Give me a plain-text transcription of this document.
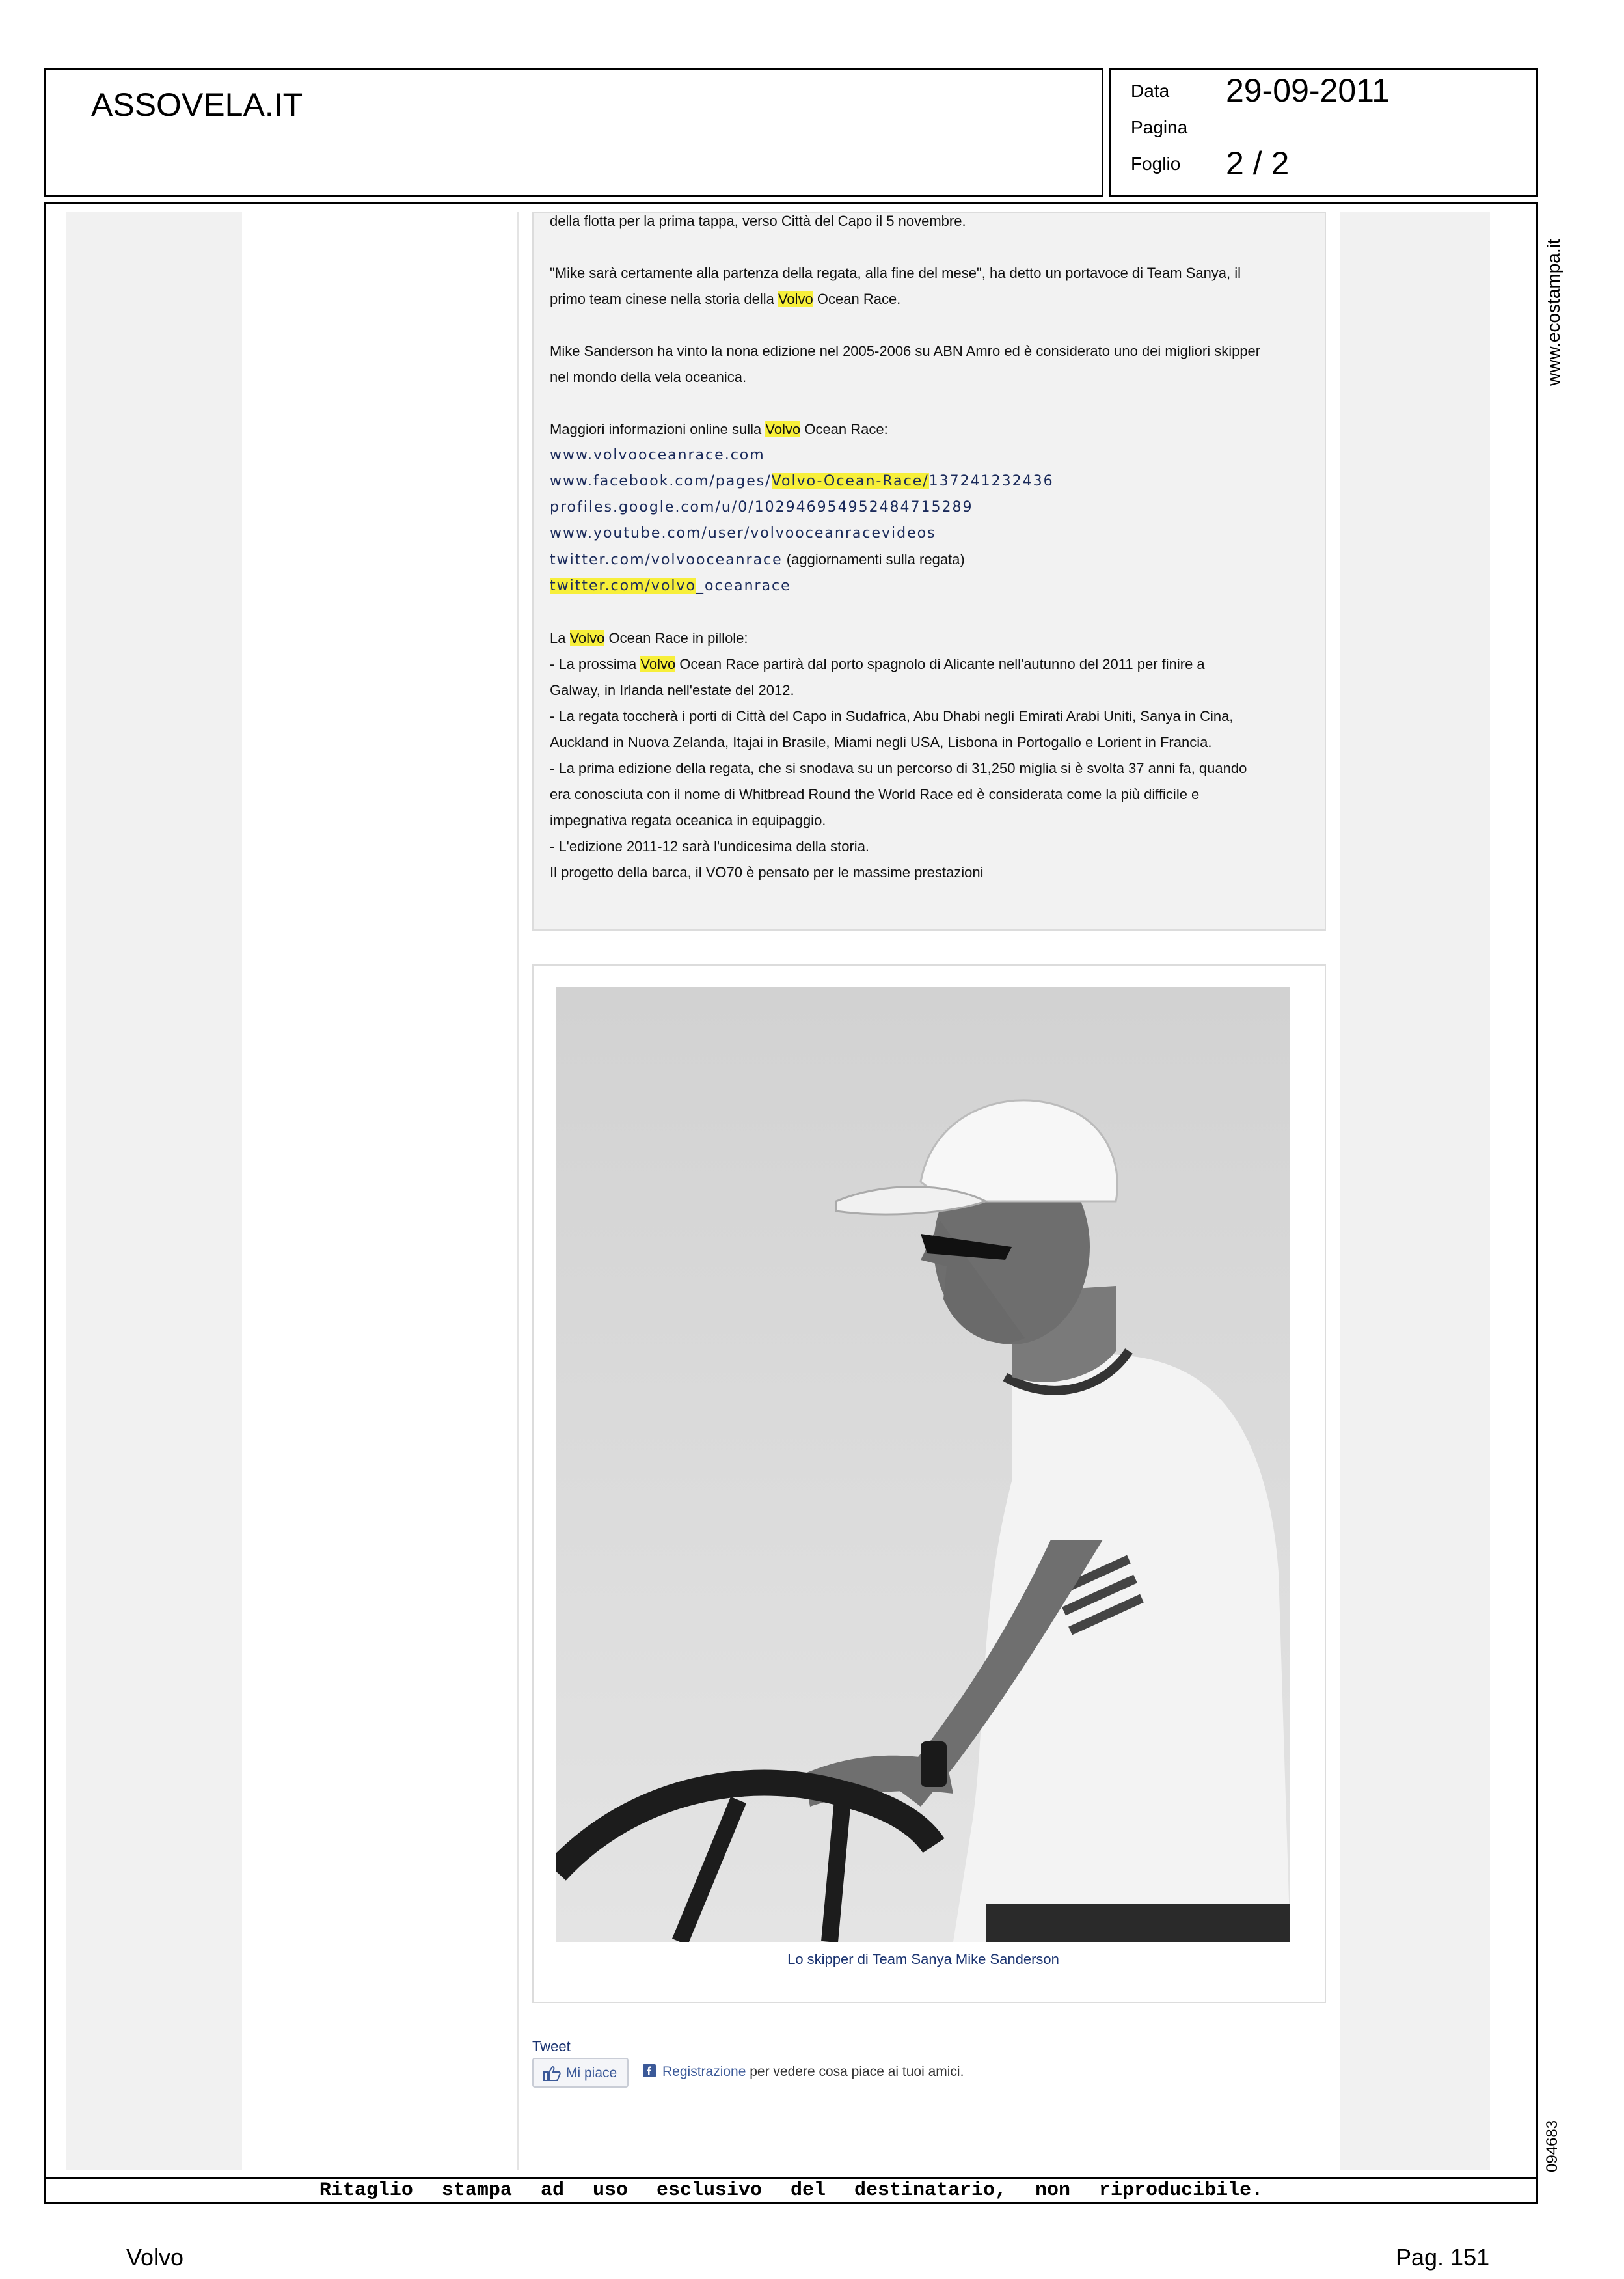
ASSOVELA.IT	Data 29-09-2011
Pagina
Foglio 2 / 2
www.ecostampa.it
094683
della flotta per la prima tappa, verso Città del Capo il 5 novembre.
"Mike sarà certamente alla partenza della regata, alla fine del mese", ha detto un portavoce di Team Sanya, il
primo team cinese nella storia della Volvo Ocean Race.
Mike Sanderson ha vinto la nona edizione nel 2005-2006 su ABN Amro ed è considerato uno dei migliori skipper
nel mondo della vela oceanica.
Maggiori informazioni online sulla Volvo Ocean Race:
www.volvooceanrace.com
www.facebook.com/pages/Volvo-Ocean-Race/137241232436
profiles.google.com/u/0/102946954952484715289
www.youtube.com/user/volvooceanracevideos
twitter.com/volvooceanrace (aggiornamenti sulla regata)
twitter.com/volvo_oceanrace
La Volvo Ocean Race in pillole:
- La prossima Volvo Ocean Race partirà dal porto spagnolo di Alicante nell'autunno del 2011 per finire a
Galway, in Irlanda nell'estate del 2012.
- La regata toccherà i porti di Città del Capo in Sudafrica, Abu Dhabi negli Emirati Arabi Uniti, Sanya in Cina,
Auckland in Nuova Zelanda, Itajai in Brasile, Miami negli USA, Lisbona in Portogallo e Lorient in Francia.
- La prima edizione della regata, che si snodava su un percorso di 31,250 miglia si è svolta 37 anni fa, quando
era conosciuta con il nome di Whitbread Round the World Race ed è considerata come la più difficile e
impegnativa regata oceanica in equipaggio.
- L'edizione 2011-12 sarà l'undicesima della storia.
Il progetto della barca, il VO70 è pensato per le massime prestazioni
Lo skipper di Team Sanya Mike Sanderson
Tweet
Mi piace	Registrazione per vedere cosa piace ai tuoi amici.
Ritaglio stampa ad uso esclusivo del destinatario, non riproducibile.
Volvo	Pag. 151
